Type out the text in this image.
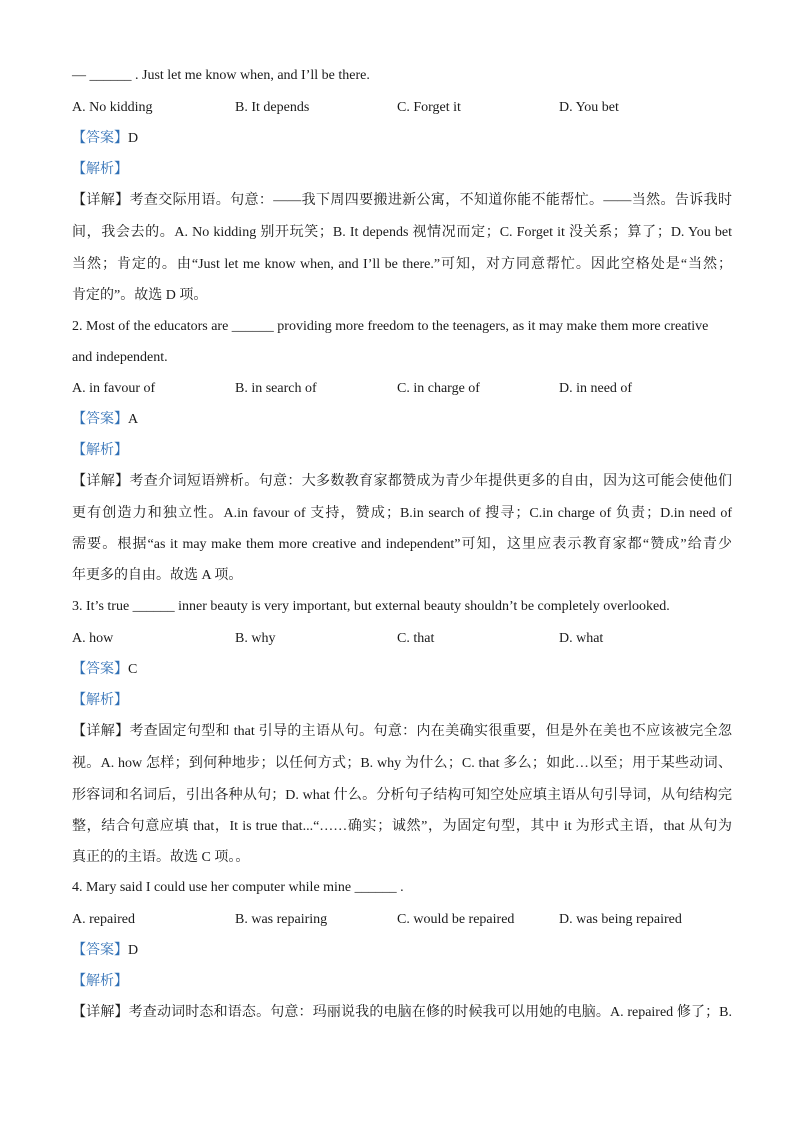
— ______ . Just let me know when, and I’ll be there.
A. No kidding	B. It depends	C. Forget it	D. You bet
【答案】D
【解析】
【详解】考查交际用语。句意：——我下周四要搬进新公寓，不知道你能不能帮忙。——当然。告诉我时
间，我会去的。A. No kidding 别开玩笑；B. It depends 视情况而定；C. Forget it 没关系；算了；D. You bet
当然；肯定的。由“Just let me know when, and I’ll be there.”可知，对方同意帮忙。因此空格处是“当然；
肯定的”。故选 D 项。
2. Most of the educators are ______ providing more freedom to the teenagers, as it may make them more creative
and independent.
A. in favour of	B. in search of	C. in charge of	D. in need of
【答案】A
【解析】
【详解】考查介词短语辨析。句意：大多数教育家都赞成为青少年提供更多的自由，因为这可能会使他们
更有创造力和独立性。A.in favour of 支持，赞成；B.in search of 搜寻；C.in charge of 负责；D.in need of
需要。根据“as it may make them more creative and independent”可知，这里应表示教育家都“赞成”给青少
年更多的自由。故选 A 项。
3. It’s true ______ inner beauty is very important, but external beauty shouldn’t be completely overlooked.
A. how	B. why	C. that	D. what
【答案】C
【解析】
【详解】考查固定句型和 that 引导的主语从句。句意：内在美确实很重要，但是外在美也不应该被完全忽
视。A. how 怎样；到何种地步；以任何方式；B. why 为什么；C. that 多么；如此…以至；用于某些动词、
形容词和名词后，引出各种从句；D. what 什么。分析句子结构可知空处应填主语从句引导词，从句结构完
整，结合句意应填 that，It is true that...“……确实；诚然”，为固定句型，其中 it 为形式主语，that 从句为
真正的的主语。故选 C 项。。
4. Mary said I could use her computer while mine ______ .
A. repaired	B. was repairing	C. would be repaired	D. was being repaired
【答案】D
【解析】
【详解】考查动词时态和语态。句意：玛丽说我的电脑在修的时候我可以用她的电脑。A. repaired 修了；B.
